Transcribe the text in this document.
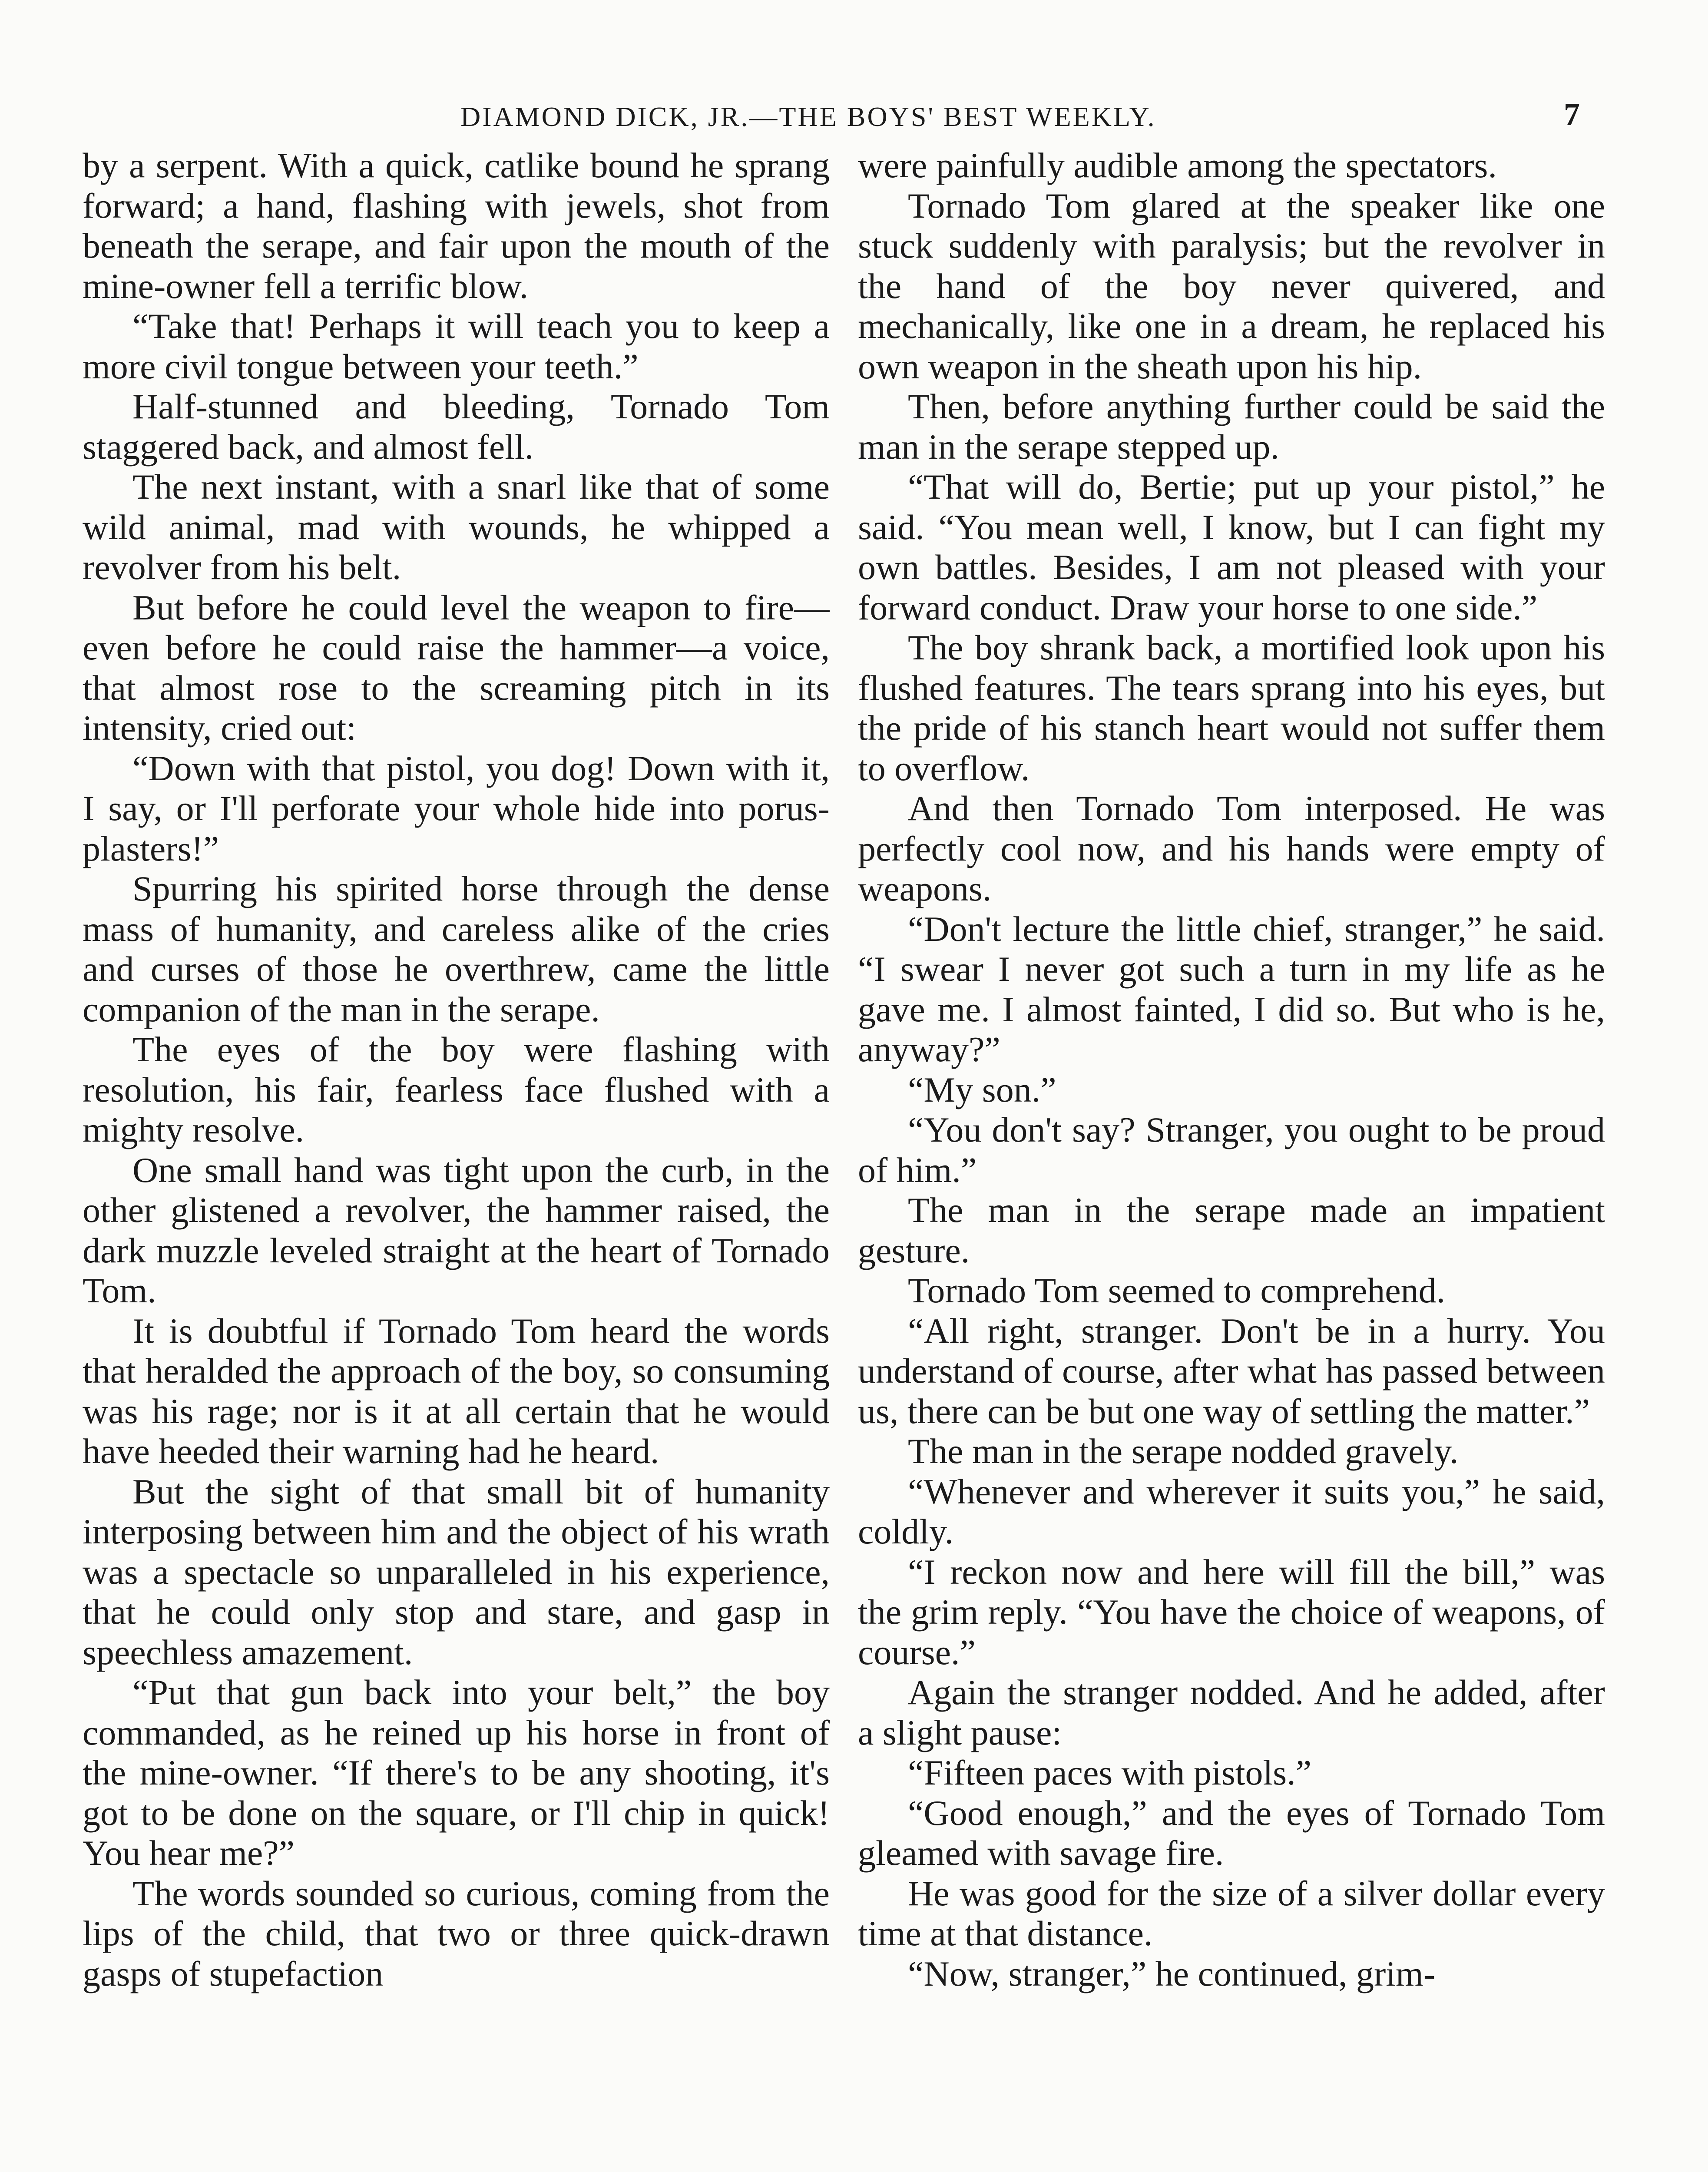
DIAMOND DICK, JR.—THE BOYS' BEST WEEKLY.	7

by a serpent. With a quick, catlike bound he sprang forward; a hand, flashing with jewels, shot from beneath the serape, and fair upon the mouth of the mine-owner fell a terrific blow.

“Take that! Perhaps it will teach you to keep a more civil tongue between your teeth.”

Half-stunned and bleeding, Tornado Tom staggered back, and almost fell.

The next instant, with a snarl like that of some wild animal, mad with wounds, he whipped a revolver from his belt.

But before he could level the weapon to fire—even before he could raise the hammer—a voice, that almost rose to the screaming pitch in its intensity, cried out:

“Down with that pistol, you dog! Down with it, I say, or I'll perforate your whole hide into porus-plasters!”

Spurring his spirited horse through the dense mass of humanity, and careless alike of the cries and curses of those he overthrew, came the little companion of the man in the serape.

The eyes of the boy were flashing with resolution, his fair, fearless face flushed with a mighty resolve.

One small hand was tight upon the curb, in the other glistened a revolver, the hammer raised, the dark muzzle leveled straight at the heart of Tornado Tom.

It is doubtful if Tornado Tom heard the words that heralded the approach of the boy, so consuming was his rage; nor is it at all certain that he would have heeded their warning had he heard.

But the sight of that small bit of humanity interposing between him and the object of his wrath was a spectacle so unparalleled in his experience, that he could only stop and stare, and gasp in speechless amazement.

“Put that gun back into your belt,” the boy commanded, as he reined up his horse in front of the mine-owner. “If there's to be any shooting, it's got to be done on the square, or I'll chip in quick! You hear me?”

The words sounded so curious, coming from the lips of the child, that two or three quick-drawn gasps of stupefaction

were painfully audible among the spectators.

Tornado Tom glared at the speaker like one stuck suddenly with paralysis; but the revolver in the hand of the boy never quivered, and mechanically, like one in a dream, he replaced his own weapon in the sheath upon his hip.

Then, before anything further could be said the man in the serape stepped up.

“That will do, Bertie; put up your pistol,” he said. “You mean well, I know, but I can fight my own battles. Besides, I am not pleased with your forward conduct. Draw your horse to one side.”

The boy shrank back, a mortified look upon his flushed features. The tears sprang into his eyes, but the pride of his stanch heart would not suffer them to overflow.

And then Tornado Tom interposed. He was perfectly cool now, and his hands were empty of weapons.

“Don't lecture the little chief, stranger,” he said. “I swear I never got such a turn in my life as he gave me. I almost fainted, I did so. But who is he, anyway?”

“My son.”

“You don't say? Stranger, you ought to be proud of him.”

The man in the serape made an impatient gesture.

Tornado Tom seemed to comprehend.

“All right, stranger. Don't be in a hurry. You understand of course, after what has passed between us, there can be but one way of settling the matter.”

The man in the serape nodded gravely.

“Whenever and wherever it suits you,” he said, coldly.

“I reckon now and here will fill the bill,” was the grim reply. “You have the choice of weapons, of course.”

Again the stranger nodded. And he added, after a slight pause:

“Fifteen paces with pistols.”

“Good enough,” and the eyes of Tornado Tom gleamed with savage fire.

He was good for the size of a silver dollar every time at that distance.

“Now, stranger,” he continued, grim-
